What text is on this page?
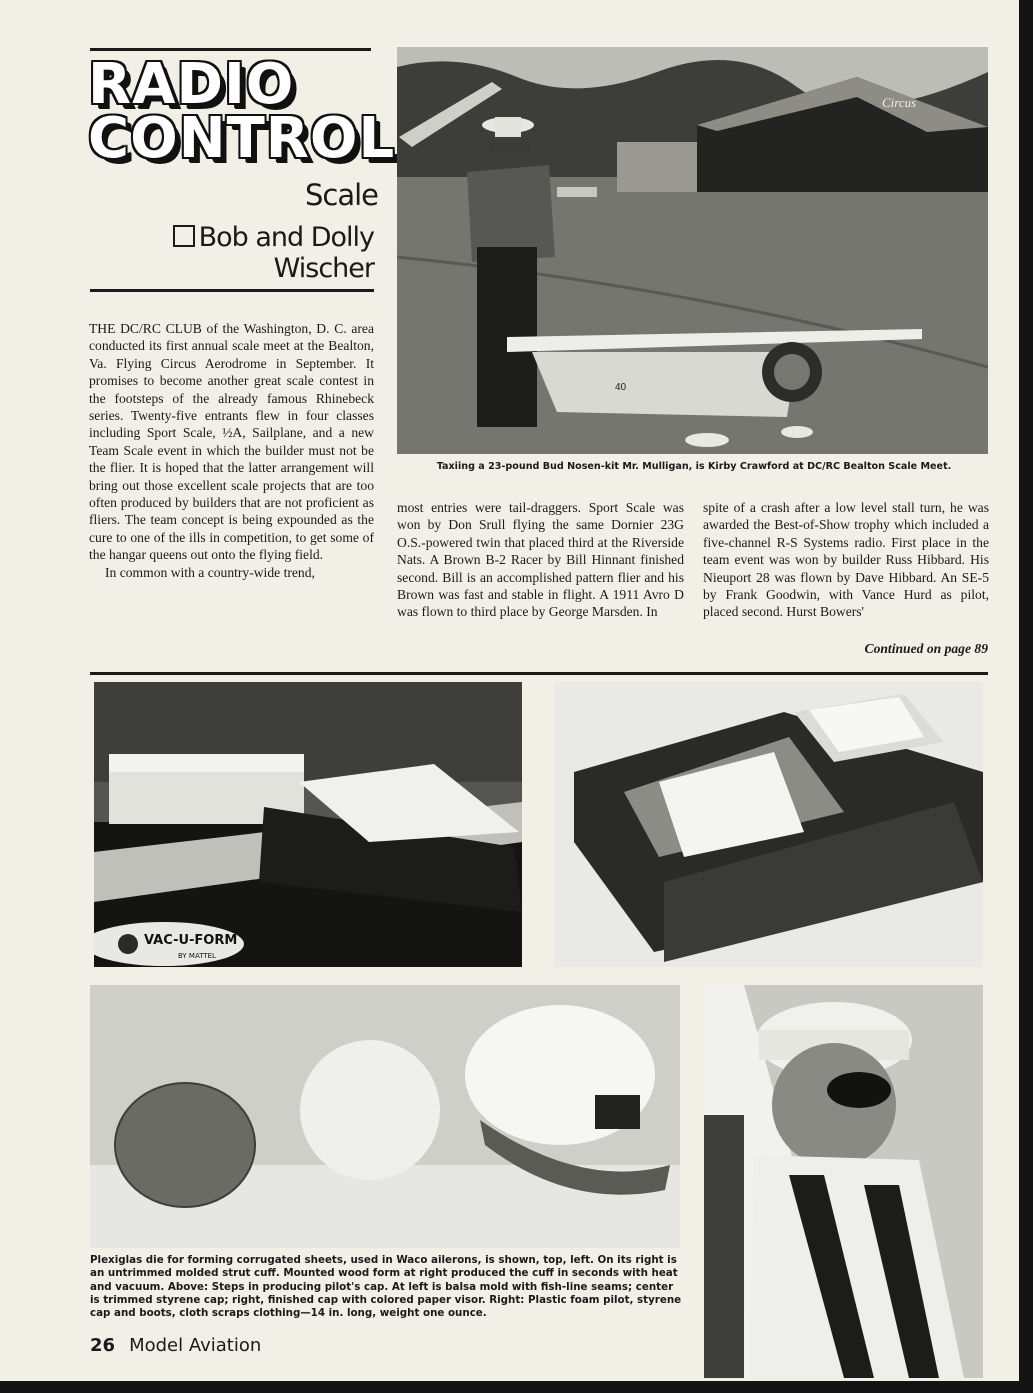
RADIO
CONTROL
Scale
Bob and Dolly
Wischer

THE DC/RC CLUB of the Washington, D. C. area conducted its first annual scale meet at the Bealton, Va. Flying Circus Aerodrome in September. It promises to become another great scale contest in the footsteps of the already famous Rhinebeck series. Twenty-five entrants flew in four classes including Sport Scale, ½A, Sailplane, and a new Team Scale event in which the builder must not be the flier. It is hoped that the latter arrangement will bring out those excellent scale projects that are too often produced by builders that are not proficient as fliers. The team concept is being expounded as the cure to one of the ills in competition, to get some of the hangar queens out onto the flying field.

In common with a country-wide trend,

most entries were tail-draggers. Sport Scale was won by Don Srull flying the same Dornier 23G O.S.-powered twin that placed third at the Riverside Nats. A Brown B-2 Racer by Bill Hinnant finished second. Bill is an accomplished pattern flier and his Brown was fast and stable in flight. A 1911 Avro D was flown to third place by George Marsden. In

spite of a crash after a low level stall turn, he was awarded the Best-of-Show trophy which included a five-channel R-S Systems radio. First place in the team event was won by builder Russ Hibbard. His Nieuport 28 was flown by Dave Hibbard. An SE-5 by Frank Goodwin, with Vance Hurd as pilot, placed second. Hurst Bowers'

Continued on page 89
Circus
40
Taxiing a 23-pound Bud Nosen-kit Mr. Mulligan, is Kirby Crawford at DC/RC Bealton Scale Meet.
VAC-U-FORM
BY MATTEL
Plexiglas die for forming corrugated sheets, used in Waco ailerons, is shown, top, left. On its right is an untrimmed molded strut cuff. Mounted wood form at right produced the cuff in seconds with heat and vacuum. Above: Steps in producing pilot's cap. At left is balsa mold with fish-line seams; center is trimmed styrene cap; right, finished cap with colored paper visor. Right: Plastic foam pilot, styrene cap and boots, cloth scraps clothing—14 in. long, weight one ounce.
26 Model Aviation
